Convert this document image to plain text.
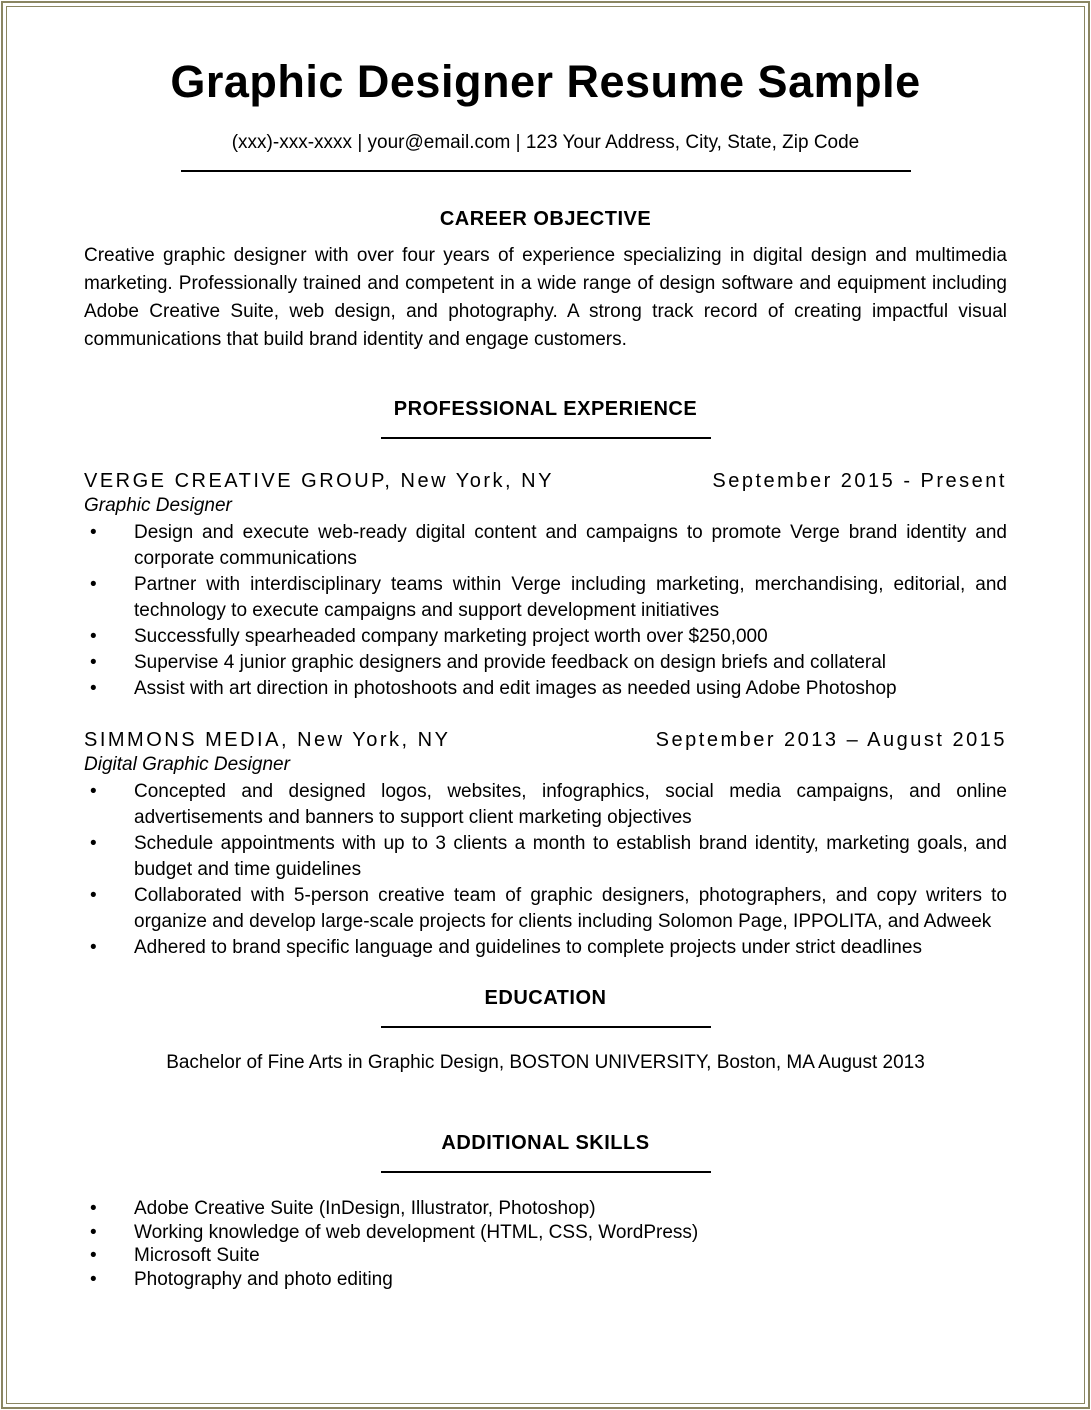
Graphic Designer Resume Sample
(xxx)-xxx-xxxx | your@email.com | 123 Your Address, City, State, Zip Code
CAREER OBJECTIVE

Creative graphic designer with over four years of experience specializing in digital design and multimedia marketing. Professionally trained and competent in a wide range of design software and equipment including Adobe Creative Suite, web design, and photography. A strong track record of creating impactful visual communications that build brand identity and engage customers.

PROFESSIONAL EXPERIENCE
VERGE CREATIVE GROUP, New York, NY	September 2015 - Present
Graphic Designer
• Design and execute web-ready digital content and campaigns to promote Verge brand identity and corporate communications
• Partner with interdisciplinary teams within Verge including marketing, merchandising, editorial, and technology to execute campaigns and support development initiatives
• Successfully spearheaded company marketing project worth over $250,000
• Supervise 4 junior graphic designers and provide feedback on design briefs and collateral
• Assist with art direction in photoshoots and edit images as needed using Adobe Photoshop
SIMMONS MEDIA, New York, NY	September 2013 – August 2015
Digital Graphic Designer
• Concepted and designed logos, websites, infographics, social media campaigns, and online advertisements and banners to support client marketing objectives
• Schedule appointments with up to 3 clients a month to establish brand identity, marketing goals, and budget and time guidelines
• Collaborated with 5-person creative team of graphic designers, photographers, and copy writers to organize and develop large-scale projects for clients including Solomon Page, IPPOLITA, and Adweek
• Adhered to brand specific language and guidelines to complete projects under strict deadlines
EDUCATION
Bachelor of Fine Arts in Graphic Design, BOSTON UNIVERSITY, Boston, MA August 2013
ADDITIONAL SKILLS
• Adobe Creative Suite (InDesign, Illustrator, Photoshop)
• Working knowledge of web development (HTML, CSS, WordPress)
• Microsoft Suite
• Photography and photo editing
